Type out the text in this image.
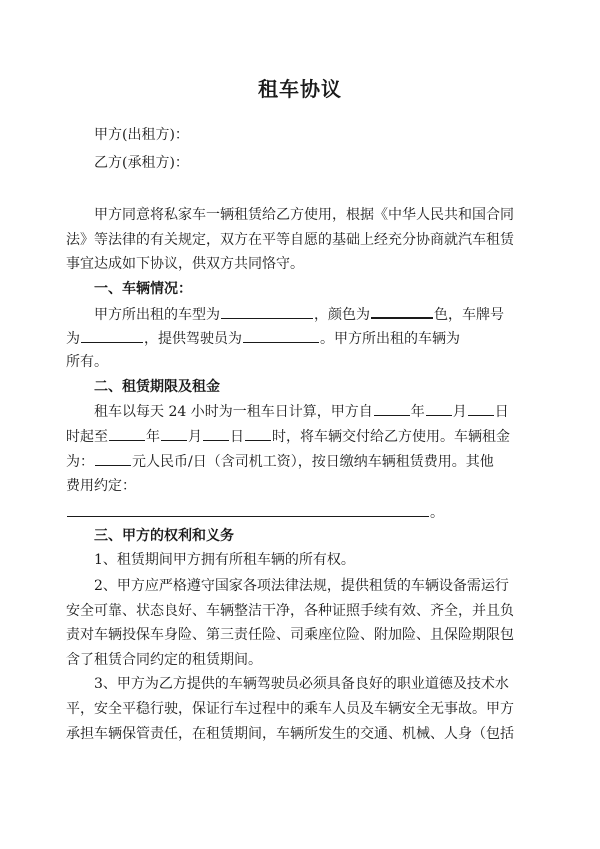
租车协议
甲方(出租方)：
乙方(承租方)：
甲方同意将私家车一辆租赁给乙方使用，根据《中华人民共和国合同
法》等法律的有关规定，双方在平等自愿的基础上经充分协商就汽车租赁
事宜达成如下协议，供双方共同恪守。
一、车辆情况：
甲方所出租的车型为	，颜色为	色，车牌号
为	，提供驾驶员为	。甲方所出租的车辆为
所有。
二、租赁期限及租金
租车以每天 24 小时为一租车日计算，甲方自	年 月 日
时起至	年 月 日 时，将车辆交付给乙方使用。车辆租金
为：	元人民币/日（含司机工资），按日缴纳车辆租赁费用。其他
费用约定：
。
三、甲方的权利和义务
1、租赁期间甲方拥有所租车辆的所有权。
2、甲方应严格遵守国家各项法律法规，提供租赁的车辆设备需运行
安全可靠、状态良好、车辆整洁干净，各种证照手续有效、齐全，并且负
责对车辆投保车身险、第三责任险、司乘座位险、附加险、且保险期限包
含了租赁合同约定的租赁期间。
3、甲方为乙方提供的车辆驾驶员必须具备良好的职业道德及技术水
平，安全平稳行驶，保证行车过程中的乘车人员及车辆安全无事故。甲方
承担车辆保管责任，在租赁期间，车辆所发生的交通、机械、人身（包括
